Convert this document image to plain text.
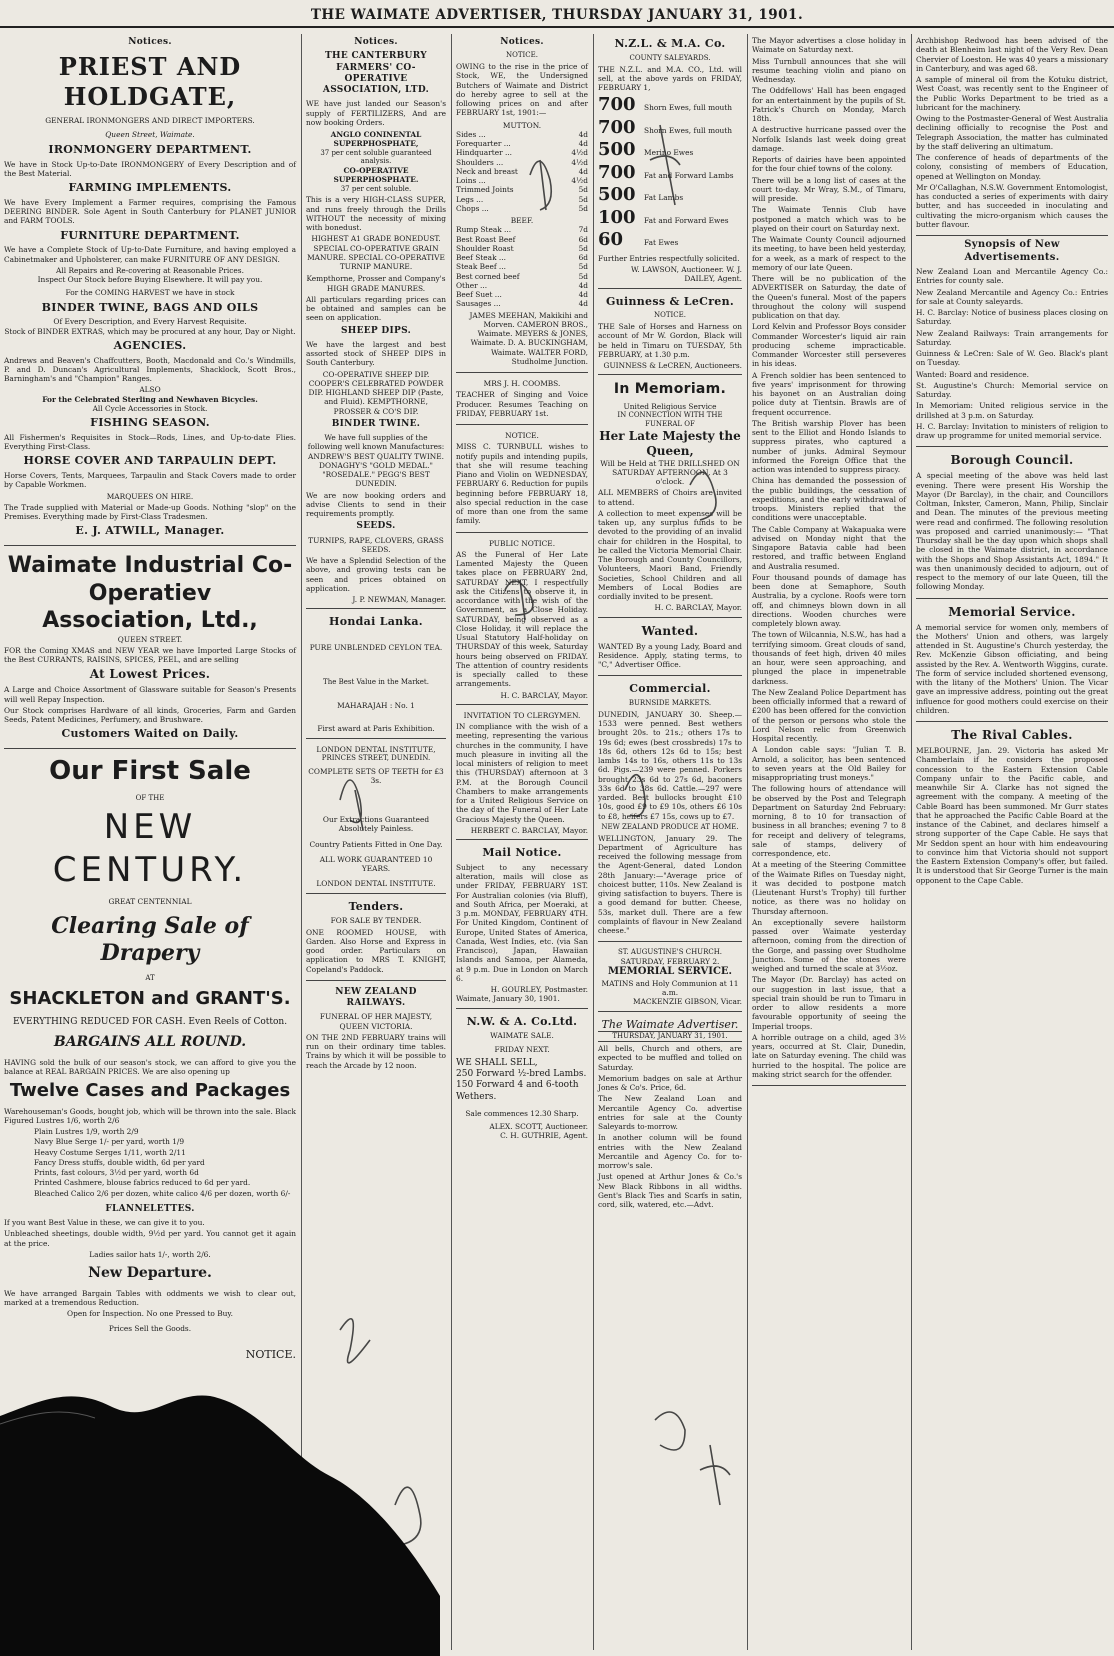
THE WAIMATE ADVERTISER, THURSDAY JANUARY 31, 1901.
Notices.
PRIEST AND HOLDGATE,
GENERAL IRONMONGERS AND DIRECT IMPORTERS.
Queen Street, Waimate.
IRONMONGERY DEPARTMENT.

We have in Stock Up-to-Date IRONMONGERY of Every Description and of the Best Material.

FARMING IMPLEMENTS.

We have Every Implement a Farmer requires, comprising the Famous DEERING BINDER. Sole Agent in South Canterbury for PLANET JUNIOR and FARM TOOLS.

FURNITURE DEPARTMENT.

We have a Complete Stock of Up-to-Date Furniture, and having employed a Cabinetmaker and Upholsterer, can make FURNITURE OF ANY DESIGN.

All Repairs and Re-covering at Reasonable Prices.
Inspect Our Stock before Buying Elsewhere. It will pay you.
For the COMING HARVEST we have in stock
BINDER TWINE, BAGS AND OILS
Of Every Description, and Every Harvest Requisite.
Stock of BINDER EXTRAS, which may be procured at any hour, Day or Night.
AGENCIES.

Andrews and Beaven's Chaffcutters, Booth, Macdonald and Co.'s Windmills, P. and D. Duncan's Agricultural Implements, Shacklock, Scott Bros., Barningham's and "Champion" Ranges.

ALSO
For the Celebrated Sterling and Newhaven Bicycles.
All Cycle Accessories in Stock.
FISHING SEASON.

All Fishermen's Requisites in Stock—Rods, Lines, and Up-to-date Flies. Everything First-Class.

HORSE COVER AND TARPAULIN DEPT.

Horse Covers, Tents, Marquees, Tarpaulin and Stack Covers made to order by Capable Workmen.

MARQUEES ON HIRE.

The Trade supplied with Material or Made-up Goods. Nothing "slop" on the Premises. Everything made by First-Class Tradesmen.

E. J. ATWILL, Manager.
Waimate Industrial Co-Operatiev
Association, Ltd.,
QUEEN STREET.

FOR the Coming XMAS and NEW YEAR we have Imported Large Stocks of the Best CURRANTS, RAISINS, SPICES, PEEL, and are selling

At Lowest Prices.

A Large and Choice Assortment of Glassware suitable for Season's Presents will well Repay Inspection.

Our Stock comprises Hardware of all kinds, Groceries, Farm and Garden Seeds, Patent Medicines, Perfumery, and Brushware.

Customers Waited on Daily.
Our First Sale
OF THE
NEW CENTURY.
GREAT CENTENNIAL
Clearing Sale of Drapery
AT
SHACKLETON and GRANT'S.
EVERYTHING REDUCED FOR CASH. Even Reels of Cotton.
BARGAINS ALL ROUND.

HAVING sold the bulk of our season's stock, we can afford to give you the balance at REAL BARGAIN PRICES. We are also opening up

Twelve Cases and Packages

Warehouseman's Goods, bought job, which will be thrown into the sale. Black Figured Lustres 1/6, worth 2/6

Plain Lustres 1/9, worth 2/9
Navy Blue Serge 1/- per yard, worth 1/9
Heavy Costume Serges 1/11, worth 2/11
Fancy Dress stuffs, double width, 6d per yard
Prints, fast colours, 3½d per yard, worth 6d
Printed Cashmere, blouse fabrics reduced to 6d per yard.
Bleached Calico 2/6 per dozen, white calico 4/6 per dozen, worth 6/-
FLANNELETTES.
If you want Best Value in these, we can give it to you.

Unbleached sheetings, double width, 9½d per yard. You cannot get it again at the price.

Ladies sailor hats 1/-, worth 2/6.
New Departure.

We have arranged Bargain Tables with oddments we wish to clear out, marked at a tremendous Reduction.

Open for Inspection. No one Pressed to Buy.
Prices Sell the Goods.
NOTICE.
Notices.
THE CANTERBURY FARMERS' CO-OPERATIVE ASSOCIATION, LTD.

WE have just landed our Season's supply of FERTILIZERS, And are now booking Orders.

ANGLO CONINENTAL SUPERPHOSPHATE,
37 per cent soluble guaranteed analysis.
CO-OPERATIVE SUPERPHOSPHATE.
37 per cent soluble.

This is a very HIGH-CLASS SUPER, and runs freely through the Drills WITHOUT the necessity of mixing with bonedust.

HIGHEST A1 GRADE BONEDUST. SPECIAL CO-OPERATIVE GRAIN MANURE. SPECIAL CO-OPERATIVE TURNIP MANURE.
Kempthorne, Prosser and Company's HIGH GRADE MANURES.

All particulars regarding prices can be obtained and samples can be seen on application.

SHEEP DIPS.

We have the largest and best assorted stock of SHEEP DIPS in South Canterbury.

CO-OPERATIVE SHEEP DIP. COOPER'S CELEBRATED POWDER DIP. HIGHLAND SHEEP DIP (Paste, and Fluid). KEMPTHORNE, PROSSER & CO'S DIP.
BINDER TWINE.
We have full supplies of the following well known Manufactures: ANDREW'S BEST QUALITY TWINE. DONAGHY'S "GOLD MEDAL." "ROSEDALE." PEGG'S BEST DUNEDIN.

We are now booking orders and advise Clients to send in their requirements promptly.

SEEDS.
TURNIPS, RAPE, CLOVERS, GRASS SEEDS.

We have a Splendid Selection of the above, and growing tests can be seen and prices obtained on application.

J. P. NEWMAN, Manager.
Hondai Lanka.
PURE UNBLENDED CEYLON TEA.
The Best Value in the Market.
MAHARAJAH : No. 1
First award at Paris Exhibition.
LONDON DENTAL INSTITUTE,
PRINCES STREET, DUNEDIN.
COMPLETE SETS OF TEETH for £3 3s.
Our Extractions Guaranteed Absolutely Painless.
Country Patients Fitted in One Day.
ALL WORK GUARANTEED 10 YEARS.
LONDON DENTAL INSTITUTE.
Tenders.
FOR SALE BY TENDER.

ONE ROOMED HOUSE, with Garden. Also Horse and Express in good order. Particulars on application to MRS T. KNIGHT, Copeland's Paddock.

NEW ZEALAND RAILWAYS.
FUNERAL OF HER MAJESTY, QUEEN VICTORIA.

ON THE 2ND FEBRUARY trains will run on their ordinary time tables. Trains by which it will be possible to reach the Arcade by 12 noon.

Notices.
NOTICE.

OWING to the rise in the price of Stock, WE, the Undersigned Butchers of Waimate and District do hereby agree to sell at the following prices on and after FEBRUARY 1st, 1901:—

MUTTON.
Sides ...	4d
Forequarter ...	4d
Hindquarter ...	4½d
Shoulders ...	4½d
Neck and breast	4d
Loins ...	4½d
Trimmed Joints	5d
Legs ...	5d
Chops ...	5d
BEEF.
Rump Steak ...	7d
Best Roast Beef	6d
Shoulder Roast	5d
Beef Steak ...	6d
Steak Beef ...	5d
Best corned beef	5d
Other ...	4d
Beef Suet ...	4d
Sausages ...	4d

JAMES MEEHAN, Makikihi and Morven. CAMERON BROS., Waimate. MEYERS & JONES, Waimate. D. A. BUCKINGHAM, Waimate. WALTER FORD, Studholme Junction.

MRS J. H. COOMBS.

TEACHER of Singing and Voice Producer. Resumes Teaching on FRIDAY, FEBRUARY 1st.

NOTICE.

MISS C. TURNBULL wishes to notify pupils and intending pupils, that she will resume teaching Piano and Violin on WEDNESDAY, FEBRUARY 6. Reduction for pupils beginning before FEBRUARY 18, also special reduction in the case of more than one from the same family.

PUBLIC NOTICE.

AS the Funeral of Her Late Lamented Majesty the Queen takes place on FEBRUARY 2nd, SATURDAY NEXT, I respectfully ask the Citizens to observe it, in accordance with the wish of the Government, as a Close Holiday. SATURDAY, being observed as a Close Holiday, it will replace the Usual Statutory Half-holiday on THURSDAY of this week, Saturday hours being observed on FRIDAY. The attention of country residents is specially called to these arrangements.

H. C. BARCLAY, Mayor.
INVITATION TO CLERGYMEN.

IN compliance with the wish of a meeting, representing the various churches in the community, I have much pleasure in inviting all the local ministers of religion to meet this (THURSDAY) afternoon at 3 P.M. at the Borough Council Chambers to make arrangements for a United Religious Service on the day of the Funeral of Her Late Gracious Majesty the Queen.

HERBERT C. BARCLAY, Mayor.
Mail Notice.

Subject to any necessary alteration, mails will close as under FRIDAY, FEBRUARY 1ST. For Australian colonies (via Bluff), and South Africa, per Moeraki, at 3 p.m. MONDAY, FEBRUARY 4TH. For United Kingdom, Continent of Europe, United States of America, Canada, West Indies, etc. (via San Francisco), Japan, Hawaiian Islands and Samoa, per Alameda, at 9 p.m. Due in London on March 6.

H. GOURLEY, Postmaster.
Waimate, January 30, 1901.
N.W. & A. Co.Ltd.
WAIMATE SALE.
FRIDAY NEXT.
WE SHALL SELL,
250 Forward ½-bred Lambs.
150 Forward 4 and 6-tooth Wethers.
Sale commences 12.30 Sharp.
ALEX. SCOTT, Auctioneer.
C. H. GUTHRIE, Agent.
N.Z.L. & M.A. Co.
COUNTY SALEYARDS.

THE N.Z.L. and M.A. CO., Ltd. will sell, at the above yards on FRIDAY, FEBRUARY 1,

700	Shorn Ewes, full mouth
700	Shorn Ewes, full mouth
500	Merino Ewes
700	Fat and Forward Lambs
500	Fat Lambs
100	Fat and Forward Ewes
60	Fat Ewes

Further Entries respectfully solicited.

W. LAWSON, Auctioneer. W. J. DAILEY, Agent.
Guinness & LeCren.
NOTICE.

THE Sale of Horses and Harness on account of Mr W. Gordon, Black will be held in Timaru on TUESDAY, 5th FEBRUARY, at 1.30 p.m.

GUINNESS & LeCREN, Auctioneers.
In Memoriam.
United Religious Service
IN CONNECTION WITH THE FUNERAL OF
Her Late Majesty the Queen,
Will be Held at THE DRILLSHED ON SATURDAY AFTERNOON, At 3 o'clock.

ALL MEMBERS of Choirs are invited to attend.

A collection to meet expenses will be taken up, any surplus funds to be devoted to the providing of an invalid chair for children in the Hospital, to be called the Victoria Memorial Chair. The Borough and County Councillors, Volunteers, Maori Band, Friendly Societies, School Children and all Members of Local Bodies are cordially invited to be present.

H. C. BARCLAY, Mayor.
Wanted.

WANTED By a young Lady, Board and Residence. Apply, stating terms, to "C," Advertiser Office.

Commercial.
BURNSIDE MARKETS.

DUNEDIN, JANUARY 30. Sheep.—1533 were penned. Best wethers brought 20s. to 21s.; others 17s to 19s 6d; ewes (best crossbreds) 17s to 18s 6d, others 12s 6d to 15s; best lambs 14s to 16s, others 11s to 13s 6d. Pigs.—239 were penned. Porkers brought 23s 6d to 27s 6d, baconers 33s 6d to 38s 6d. Cattle.—297 were yarded. Best bullocks brought £10 10s, good £9 to £9 10s, others £6 10s to £8, heifers £7 15s, cows up to £7.

NEW ZEALAND PRODUCE AT HOME.

WELLINGTON, January 29. The Department of Agriculture has received the following message from the Agent-General, dated London 28th January:—"Average price of choicest butter, 110s. New Zealand is giving satisfaction to buyers. There is a good demand for butter. Cheese, 53s, market dull. There are a few complaints of flavour in New Zealand cheese."

ST. AUGUSTINE'S CHURCH.
SATURDAY, FEBRUARY 2.
MEMORIAL SERVICE.
MATINS and Holy Communion at 11 a.m.
MACKENZIE GIBSON, Vicar.
The Waimate Advertiser.
THURSDAY, JANUARY 31, 1901.

All bells, Church and others, are expected to be muffled and tolled on Saturday.

Memorium badges on sale at Arthur Jones & Co's. Price, 6d.

The New Zealand Loan and Mercantile Agency Co. advertise entries for sale at the County Saleyards to-morrow.

In another column will be found entries with the New Zealand Mercantile and Agency Co. for to-morrow's sale.

Just opened at Arthur Jones & Co.'s New Black Ribbons in all widths. Gent's Black Ties and Scarfs in satin, cord, silk, watered, etc.—Advt.

The Mayor advertises a close holiday in Waimate on Saturday next.

Miss Turnbull announces that she will resume teaching violin and piano on Wednesday.

The Oddfellows' Hall has been engaged for an entertainment by the pupils of St. Patrick's Church on Monday, March 18th.

A destructive hurricane passed over the Norfolk Islands last week doing great damage.

Reports of dairies have been appointed for the four chief towns of the colony.

There will be a long list of cases at the court to-day. Mr Wray, S.M., of Timaru, will preside.

The Waimate Tennis Club have postponed a match which was to be played on their court on Saturday next.

The Waimate County Council adjourned its meeting, to have been held yesterday, for a week, as a mark of respect to the memory of our late Queen.

There will be no publication of the ADVERTISER on Saturday, the date of the Queen's funeral. Most of the papers throughout the colony will suspend publication on that day.

Lord Kelvin and Professor Boys consider Commander Worcester's liquid air rain producing scheme impracticable. Commander Worcester still perseveres in his ideas.

A French soldier has been sentenced to five years' imprisonment for throwing his bayonet on an Australian doing police duty at Tientsin. Brawls are of frequent occurrence.

The British warship Plover has been sent to the Elliot and Hondo Islands to suppress pirates, who captured a number of junks. Admiral Seymour informed the Foreign Office that the action was intended to suppress piracy.

China has demanded the possession of the public buildings, the cessation of expeditions, and the early withdrawal of troops. Ministers replied that the conditions were unacceptable.

The Cable Company at Wakapuaka were advised on Monday night that the Singapore Batavia cable had been restored, and traffic between England and Australia resumed.

Four thousand pounds of damage has been done at Semaphore, South Australia, by a cyclone. Roofs were torn off, and chimneys blown down in all directions. Wooden churches were completely blown away.

The town of Wilcannia, N.S.W., has had a terrifying simoom. Great clouds of sand, thousands of feet high, driven 40 miles an hour, were seen approaching, and plunged the place in impenetrable darkness.

The New Zealand Police Department has been officially informed that a reward of £200 has been offered for the conviction of the person or persons who stole the Lord Nelson relic from Greenwich Hospital recently.

A London cable says: "Julian T. B. Arnold, a solicitor, has been sentenced to seven years at the Old Bailey for misappropriating trust moneys."

The following hours of attendance will be observed by the Post and Telegraph Department on Saturday 2nd February: morning, 8 to 10 for transaction of business in all branches; evening 7 to 8 for receipt and delivery of telegrams, sale of stamps, delivery of correspondence, etc.

At a meeting of the Steering Committee of the Waimate Rifles on Tuesday night, it was decided to postpone match (Lieutenant Hurst's Trophy) till further notice, as there was no holiday on Thursday afternoon.

An exceptionally severe hailstorm passed over Waimate yesterday afternoon, coming from the direction of the Gorge, and passing over Studholme Junction. Some of the stones were weighed and turned the scale at 3½oz.

The Mayor (Dr. Barclay) has acted on our suggestion in last issue, that a special train should be run to Timaru in order to allow residents a more favourable opportunity of seeing the Imperial troops.

A horrible outrage on a child, aged 3½ years, occurred at St. Clair, Dunedin, late on Saturday evening. The child was hurried to the hospital. The police are making strict search for the offender.

Archbishop Redwood has been advised of the death at Blenheim last night of the Very Rev. Dean Chervier of Loeston. He was 40 years a missionary in Canterbury, and was aged 68.

A sample of mineral oil from the Kotuku district, West Coast, was recently sent to the Engineer of the Public Works Department to be tried as a lubricant for the machinery.

Owing to the Postmaster-General of West Australia declining officially to recognise the Post and Telegraph Association, the matter has culminated by the staff delivering an ultimatum.

The conference of heads of departments of the colony, consisting of members of Education, opened at Wellington on Monday.

Mr O'Callaghan, N.S.W. Government Entomologist, has conducted a series of experiments with dairy butter, and has succeeded in inoculating and cultivating the micro-organism which causes the butter flavour.

Synopsis of New Advertisements.

New Zealand Loan and Mercantile Agency Co.: Entries for county sale.

New Zealand Mercantile and Agency Co.: Entries for sale at County saleyards.

H. C. Barclay: Notice of business places closing on Saturday.

New Zealand Railways: Train arrangements for Saturday.

Guinness & LeCren: Sale of W. Geo. Black's plant on Tuesday.

Wanted: Board and residence.

St. Augustine's Church: Memorial service on Saturday.

In Memoriam: United religious service in the drillshed at 3 p.m. on Saturday.

H. C. Barclay: Invitation to ministers of religion to draw up programme for united memorial service.

Borough Council.

A special meeting of the above was held last evening. There were present His Worship the Mayor (Dr Barclay), in the chair, and Councillors Coltman, Inkster, Cameron, Mann, Philip, Sinclair and Dean. The minutes of the previous meeting were read and confirmed. The following resolution was proposed and carried unanimously:— "That Thursday shall be the day upon which shops shall be closed in the Waimate district, in accordance with the Shops and Shop Assistants Act, 1894." It was then unanimously decided to adjourn, out of respect to the memory of our late Queen, till the following Monday.

Memorial Service.

A memorial service for women only, members of the Mothers' Union and others, was largely attended in St. Augustine's Church yesterday, the Rev. McKenzie Gibson officiating, and being assisted by the Rev. A. Wentworth Wiggins, curate. The form of service included shortened evensong, with the litany of the Mothers' Union. The Vicar gave an impressive address, pointing out the great influence for good mothers could exercise on their children.

The Rival Cables.

MELBOURNE, Jan. 29. Victoria has asked Mr Chamberlain if he considers the proposed concession to the Eastern Extension Cable Company unfair to the Pacific cable, and meanwhile Sir A. Clarke has not signed the agreement with the company. A meeting of the Cable Board has been summoned. Mr Gurr states that he approached the Pacific Cable Board at the instance of the Cabinet, and declares himself a strong supporter of the Cape Cable. He says that Mr Seddon spent an hour with him endeavouring to convince him that Victoria should not support the Eastern Extension Company's offer, but failed. It is understood that Sir George Turner is the main opponent to the Cape Cable.
